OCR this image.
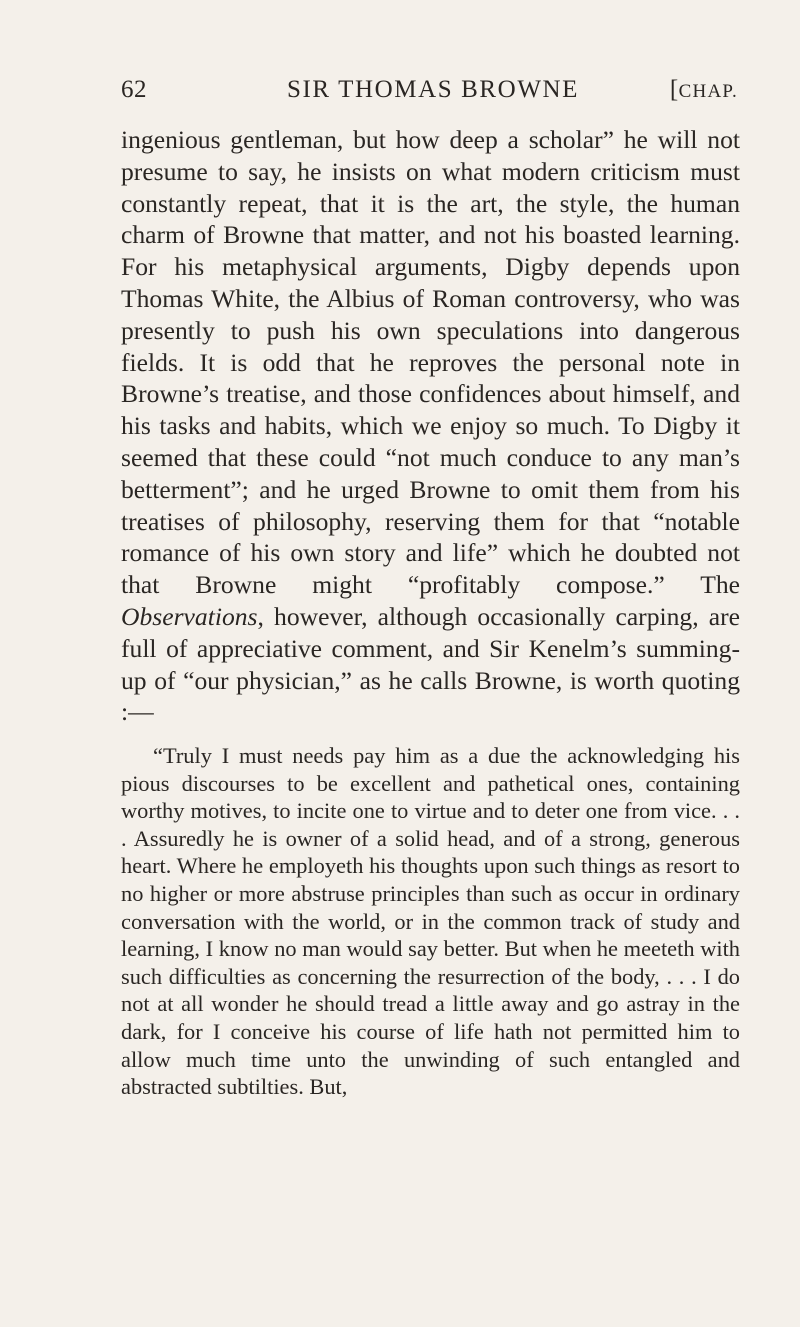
62	SIR THOMAS BROWNE	[CHAP.

ingenious gentleman, but how deep a scholar” he will not presume to say, he insists on what modern criticism must constantly repeat, that it is the art, the style, the human charm of Browne that matter, and not his boasted learning. For his metaphysical arguments, Digby depends upon Thomas White, the Albius of Roman controversy, who was presently to push his own speculations into dangerous fields. It is odd that he reproves the personal note in Browne’s treatise, and those confidences about himself, and his tasks and habits, which we enjoy so much. To Digby it seemed that these could “not much conduce to any man’s betterment”; and he urged Browne to omit them from his treatises of philosophy, reserving them for that “notable romance of his own story and life” which he doubted not that Browne might “profitably compose.” The Observations, however, although occasionally carping, are full of appreciative comment, and Sir Kenelm’s summing-up of “our physician,” as he calls Browne, is worth quoting :—

“Truly I must needs pay him as a due the acknowledging his pious discourses to be excellent and pathetical ones, containing worthy motives, to incite one to virtue and to deter one from vice. . . . Assuredly he is owner of a solid head, and of a strong, generous heart. Where he employeth his thoughts upon such things as resort to no higher or more abstruse principles than such as occur in ordinary conversation with the world, or in the common track of study and learning, I know no man would say better. But when he meeteth with such difficulties as concerning the resurrection of the body, . . . I do not at all wonder he should tread a little away and go astray in the dark, for I conceive his course of life hath not permitted him to allow much time unto the unwinding of such entangled and abstracted subtilties. But,
